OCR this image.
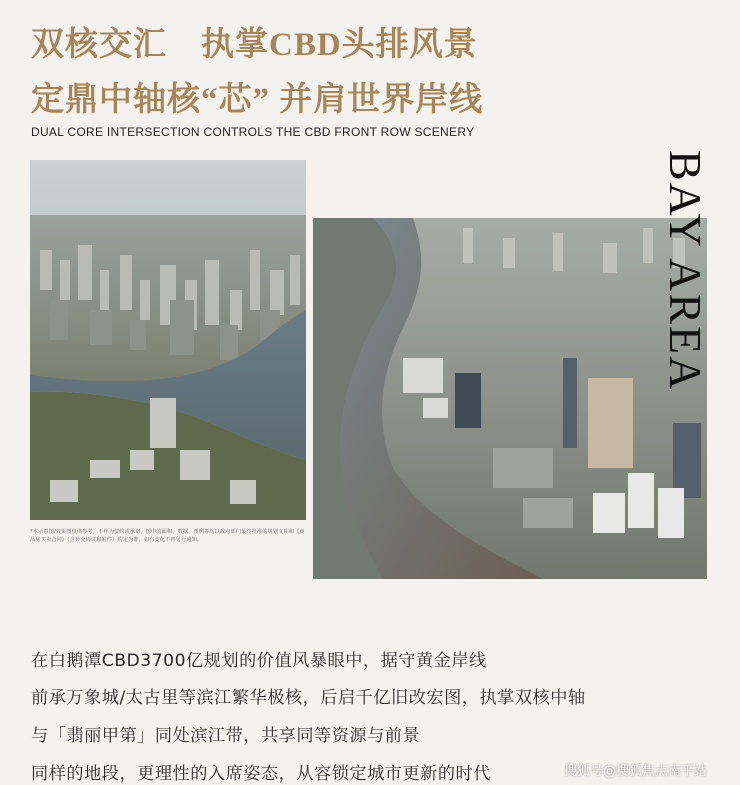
双核交汇　执掌CBD头排风景
定鼎中轴核“芯” 并肩世界岸线
DUAL CORE INTERSECTION CONTROLS THE CBD FRONT ROW SCENERY
BAY AREA
*本示意图/效果图仅供参考，不作为要约或承诺，图中的面积、数据、图例等均以政府部门最终批准的规划文件和《商品房买卖合同》（含补充协议和附件）约定为准，如有变化不再另行通知。
在白鹅潭CBD3700亿规划的价值风暴眼中，据守黄金岸线
前承万象城/太古里等滨江繁华极核，后启千亿旧改宏图，执掌双核中轴
与「翡丽甲第」同处滨江带，共享同等资源与前景
同样的地段，更理性的入席姿态，从容锁定城市更新的时代	搜狐号@搜狐焦点南平站
